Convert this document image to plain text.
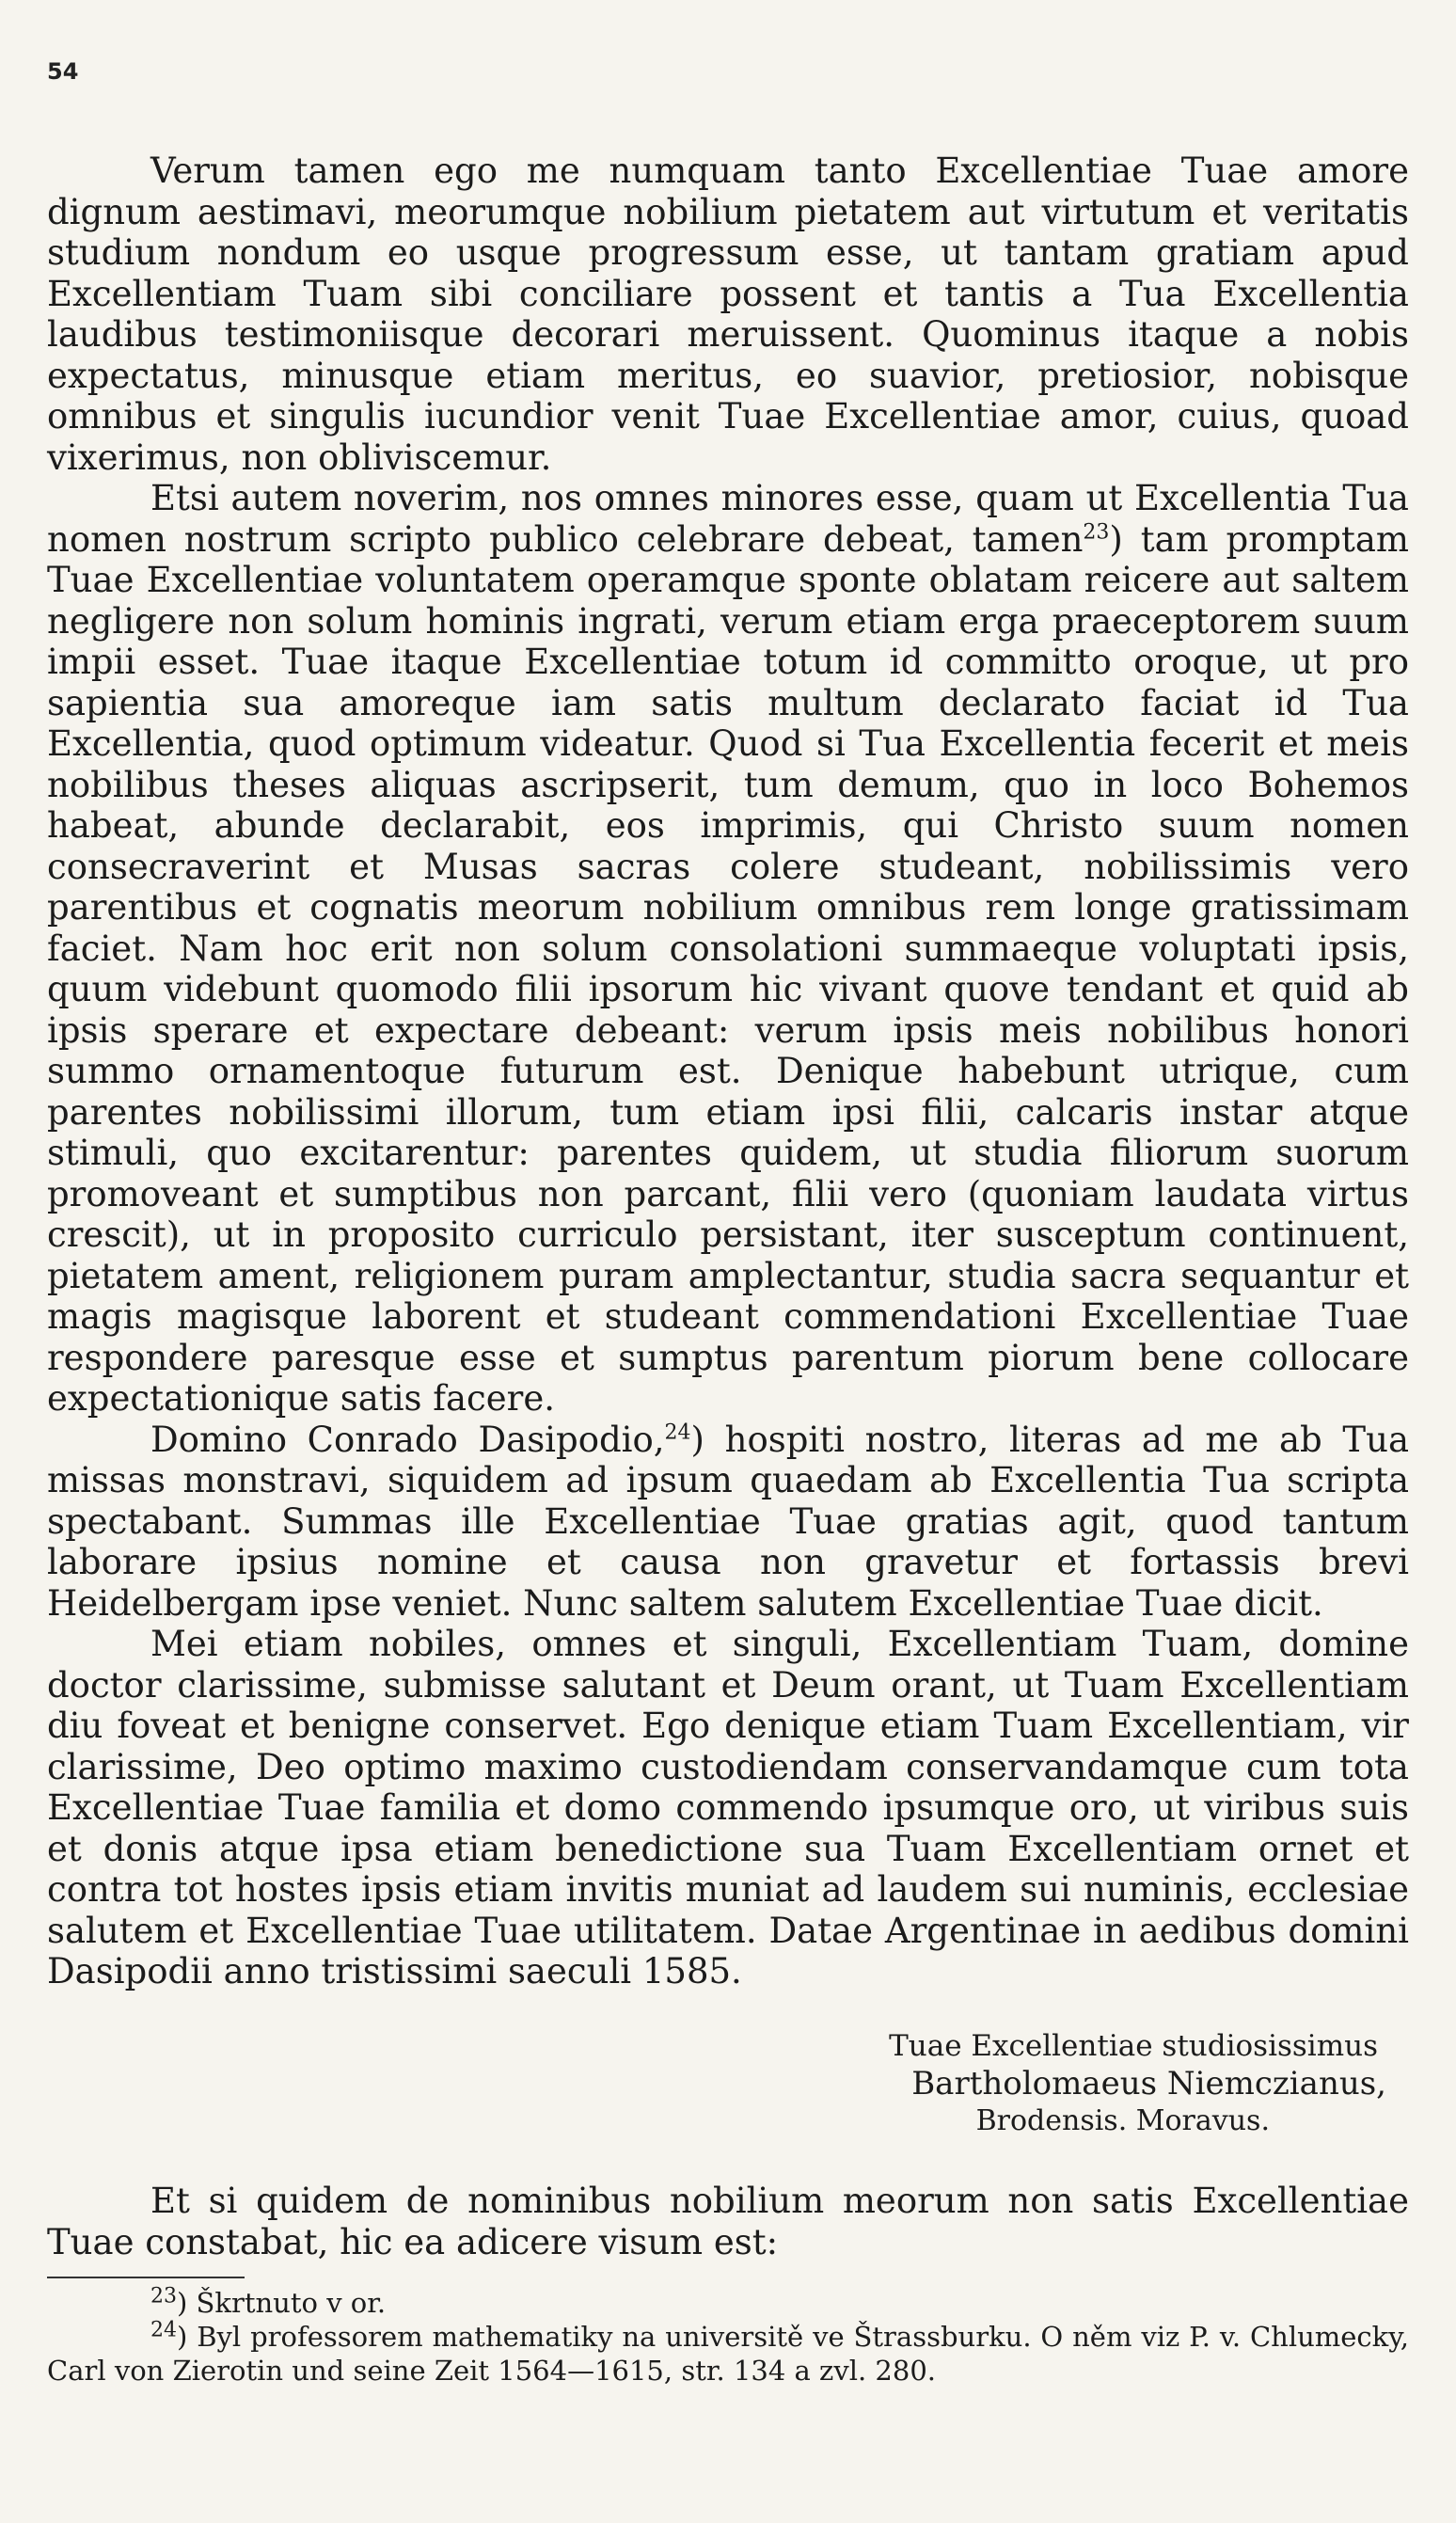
54

Verum tamen ego me numquam tanto Excellentiae Tuae amore dignum aestimavi, meorumque nobilium pietatem aut virtutum et veritatis studium nondum eo usque progressum esse, ut tantam gratiam apud Excellentiam Tuam sibi conciliare possent et tantis a Tua Excellentia laudibus testimoniisque decorari meruissent. Quominus itaque a nobis expectatus, minusque etiam meritus, eo suavior, pretiosior, nobisque omnibus et singulis iucundior venit Tuae Excellentiae amor, cuius, quoad vixerimus, non obliviscemur.

Etsi autem noverim, nos omnes minores esse, quam ut Excellentia Tua nomen nostrum scripto publico celebrare debeat, tamen$^{23}$) tam promptam Tuae Excellentiae voluntatem operamque sponte oblatam reicere aut saltem negligere non solum hominis ingrati, verum etiam erga praeceptorem suum impii esset. Tuae itaque Excellentiae totum id committo oroque, ut pro sapientia sua amoreque iam satis multum declarato faciat id Tua Excellentia, quod optimum videatur. Quod si Tua Excellentia fecerit et meis nobilibus theses aliquas ascripserit, tum demum, quo in loco Bohemos habeat, abunde declarabit, eos imprimis, qui Christo suum nomen consecraverint et Musas sacras colere studeant, nobilissimis vero parentibus et cognatis meorum nobilium omnibus rem longe gratissimam faciet. Nam hoc erit non solum consolationi summaeque voluptati ipsis, quum videbunt quomodo filii ipsorum hic vivant quove tendant et quid ab ipsis sperare et expectare debeant: verum ipsis meis nobilibus honori summo ornamentoque futurum est. Denique habebunt utrique, cum parentes nobilissimi illorum, tum etiam ipsi filii, calcaris instar atque stimuli, quo excitarentur: parentes quidem, ut studia filiorum suorum promoveant et sumptibus non parcant, filii vero (quoniam laudata virtus crescit), ut in proposito curriculo persistant, iter susceptum continuent, pietatem ament, religionem puram amplectantur, studia sacra sequantur et magis magisque laborent et studeant commendationi Excellentiae Tuae respondere paresque esse et sumptus parentum piorum bene collocare expectationique satis facere.

Domino Conrado Dasipodio,$^{24}$) hospiti nostro, literas ad me ab Tua missas monstravi, siquidem ad ipsum quaedam ab Excellentia Tua scripta spectabant. Summas ille Excellentiae Tuae gratias agit, quod tantum laborare ipsius nomine et causa non gravetur et fortassis brevi Heidelbergam ipse veniet. Nunc saltem salutem Excellentiae Tuae dicit.

Mei etiam nobiles, omnes et singuli, Excellentiam Tuam, domine doctor clarissime, submisse salutant et Deum orant, ut Tuam Excellentiam diu foveat et benigne conservet. Ego denique etiam Tuam Excellentiam, vir clarissime, Deo optimo maximo custodiendam conservandamque cum tota Excellentiae Tuae familia et domo commendo ipsumque oro, ut viribus suis et donis atque ipsa etiam benedictione sua Tuam Excellentiam ornet et contra tot hostes ipsis etiam invitis muniat ad laudem sui numinis, ecclesiae salutem et Excellentiae Tuae utilitatem. Datae Argentinae in aedibus domini Dasipodii anno tristissimi saeculi 1585.

Tuae Excellentiae studiosissimus
Bartholomaeus Niemczianus,
Brodensis. Moravus.

Et si quidem de nominibus nobilium meorum non satis Excellentiae Tuae constabat, hic ea adicere visum est:

$^{23}$) Škrtnuto v or.

$^{24}$) Byl professorem mathematiky na universitě ve Štrassburku. O něm viz P. v. Chlumecky, Carl von Zierotin und seine Zeit 1564—1615, str. 134 a zvl. 280.
